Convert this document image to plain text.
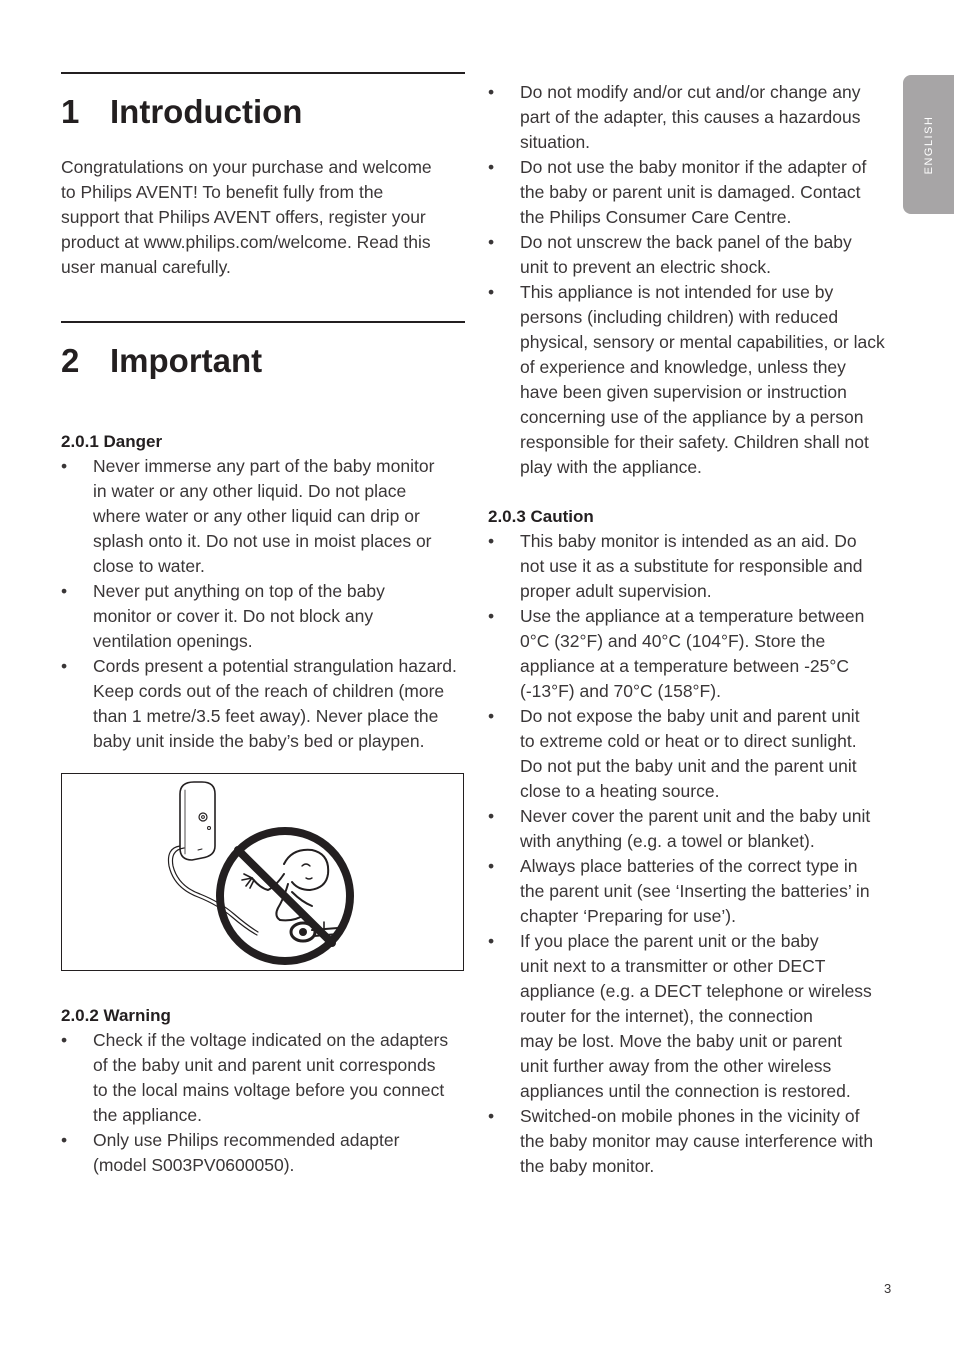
1 Introduction

Congratulations on your purchase and welcome
to Philips AVENT! To benefit fully from the
support that Philips AVENT offers, register your
product at www.philips.com/welcome. Read this
user manual carefully.

2 Important
2.0.1 Danger
• Never immerse any part of the baby monitor
in water or any other liquid. Do not place
where water or any other liquid can drip or
splash onto it. Do not use in moist places or
close to water.
• Never put anything on top of the baby
monitor or cover it. Do not block any
ventilation openings.
• Cords present a potential strangulation hazard.
Keep cords out of the reach of children (more
than 1 metre/3.5 feet away). Never place the
baby unit inside the baby’s bed or playpen.
2.0.2 Warning
• Check if the voltage indicated on the adapters
of the baby unit and parent unit corresponds
to the local mains voltage before you connect
the appliance.
• Only use Philips recommended adapter
(model S003PV0600050).
• Do not modify and/or cut and/or change any
part of the adapter, this causes a hazardous
situation.
• Do not use the baby monitor if the adapter of
the baby or parent unit is damaged. Contact
the Philips Consumer Care Centre.
• Do not unscrew the back panel of the baby
unit to prevent an electric shock.
• This appliance is not intended for use by
persons (including children) with reduced
physical, sensory or mental capabilities, or lack
of experience and knowledge, unless they
have been given supervision or instruction
concerning use of the appliance by a person
responsible for their safety. Children shall not
play with the appliance.
2.0.3 Caution
• This baby monitor is intended as an aid. Do
not use it as a substitute for responsible and
proper adult supervision.
• Use the appliance at a temperature between
0°C (32°F) and 40°C (104°F). Store the
appliance at a temperature between -25°C
(-13°F) and 70°C (158°F).
• Do not expose the baby unit and parent unit
to extreme cold or heat or to direct sunlight.
Do not put the baby unit and the parent unit
close to a heating source.
• Never cover the parent unit and the baby unit
with anything (e.g. a towel or blanket).
• Always place batteries of the correct type in
the parent unit (see ‘Inserting the batteries’ in
chapter ‘Preparing for use’).
• If you place the parent unit or the baby
unit next to a transmitter or other DECT
appliance (e.g. a DECT telephone or wireless
router for the internet), the connection
may be lost. Move the baby unit or parent
unit further away from the other wireless
appliances until the connection is restored.
• Switched-on mobile phones in the vicinity of
the baby monitor may cause interference with
the baby monitor.
ENGLISH
3
